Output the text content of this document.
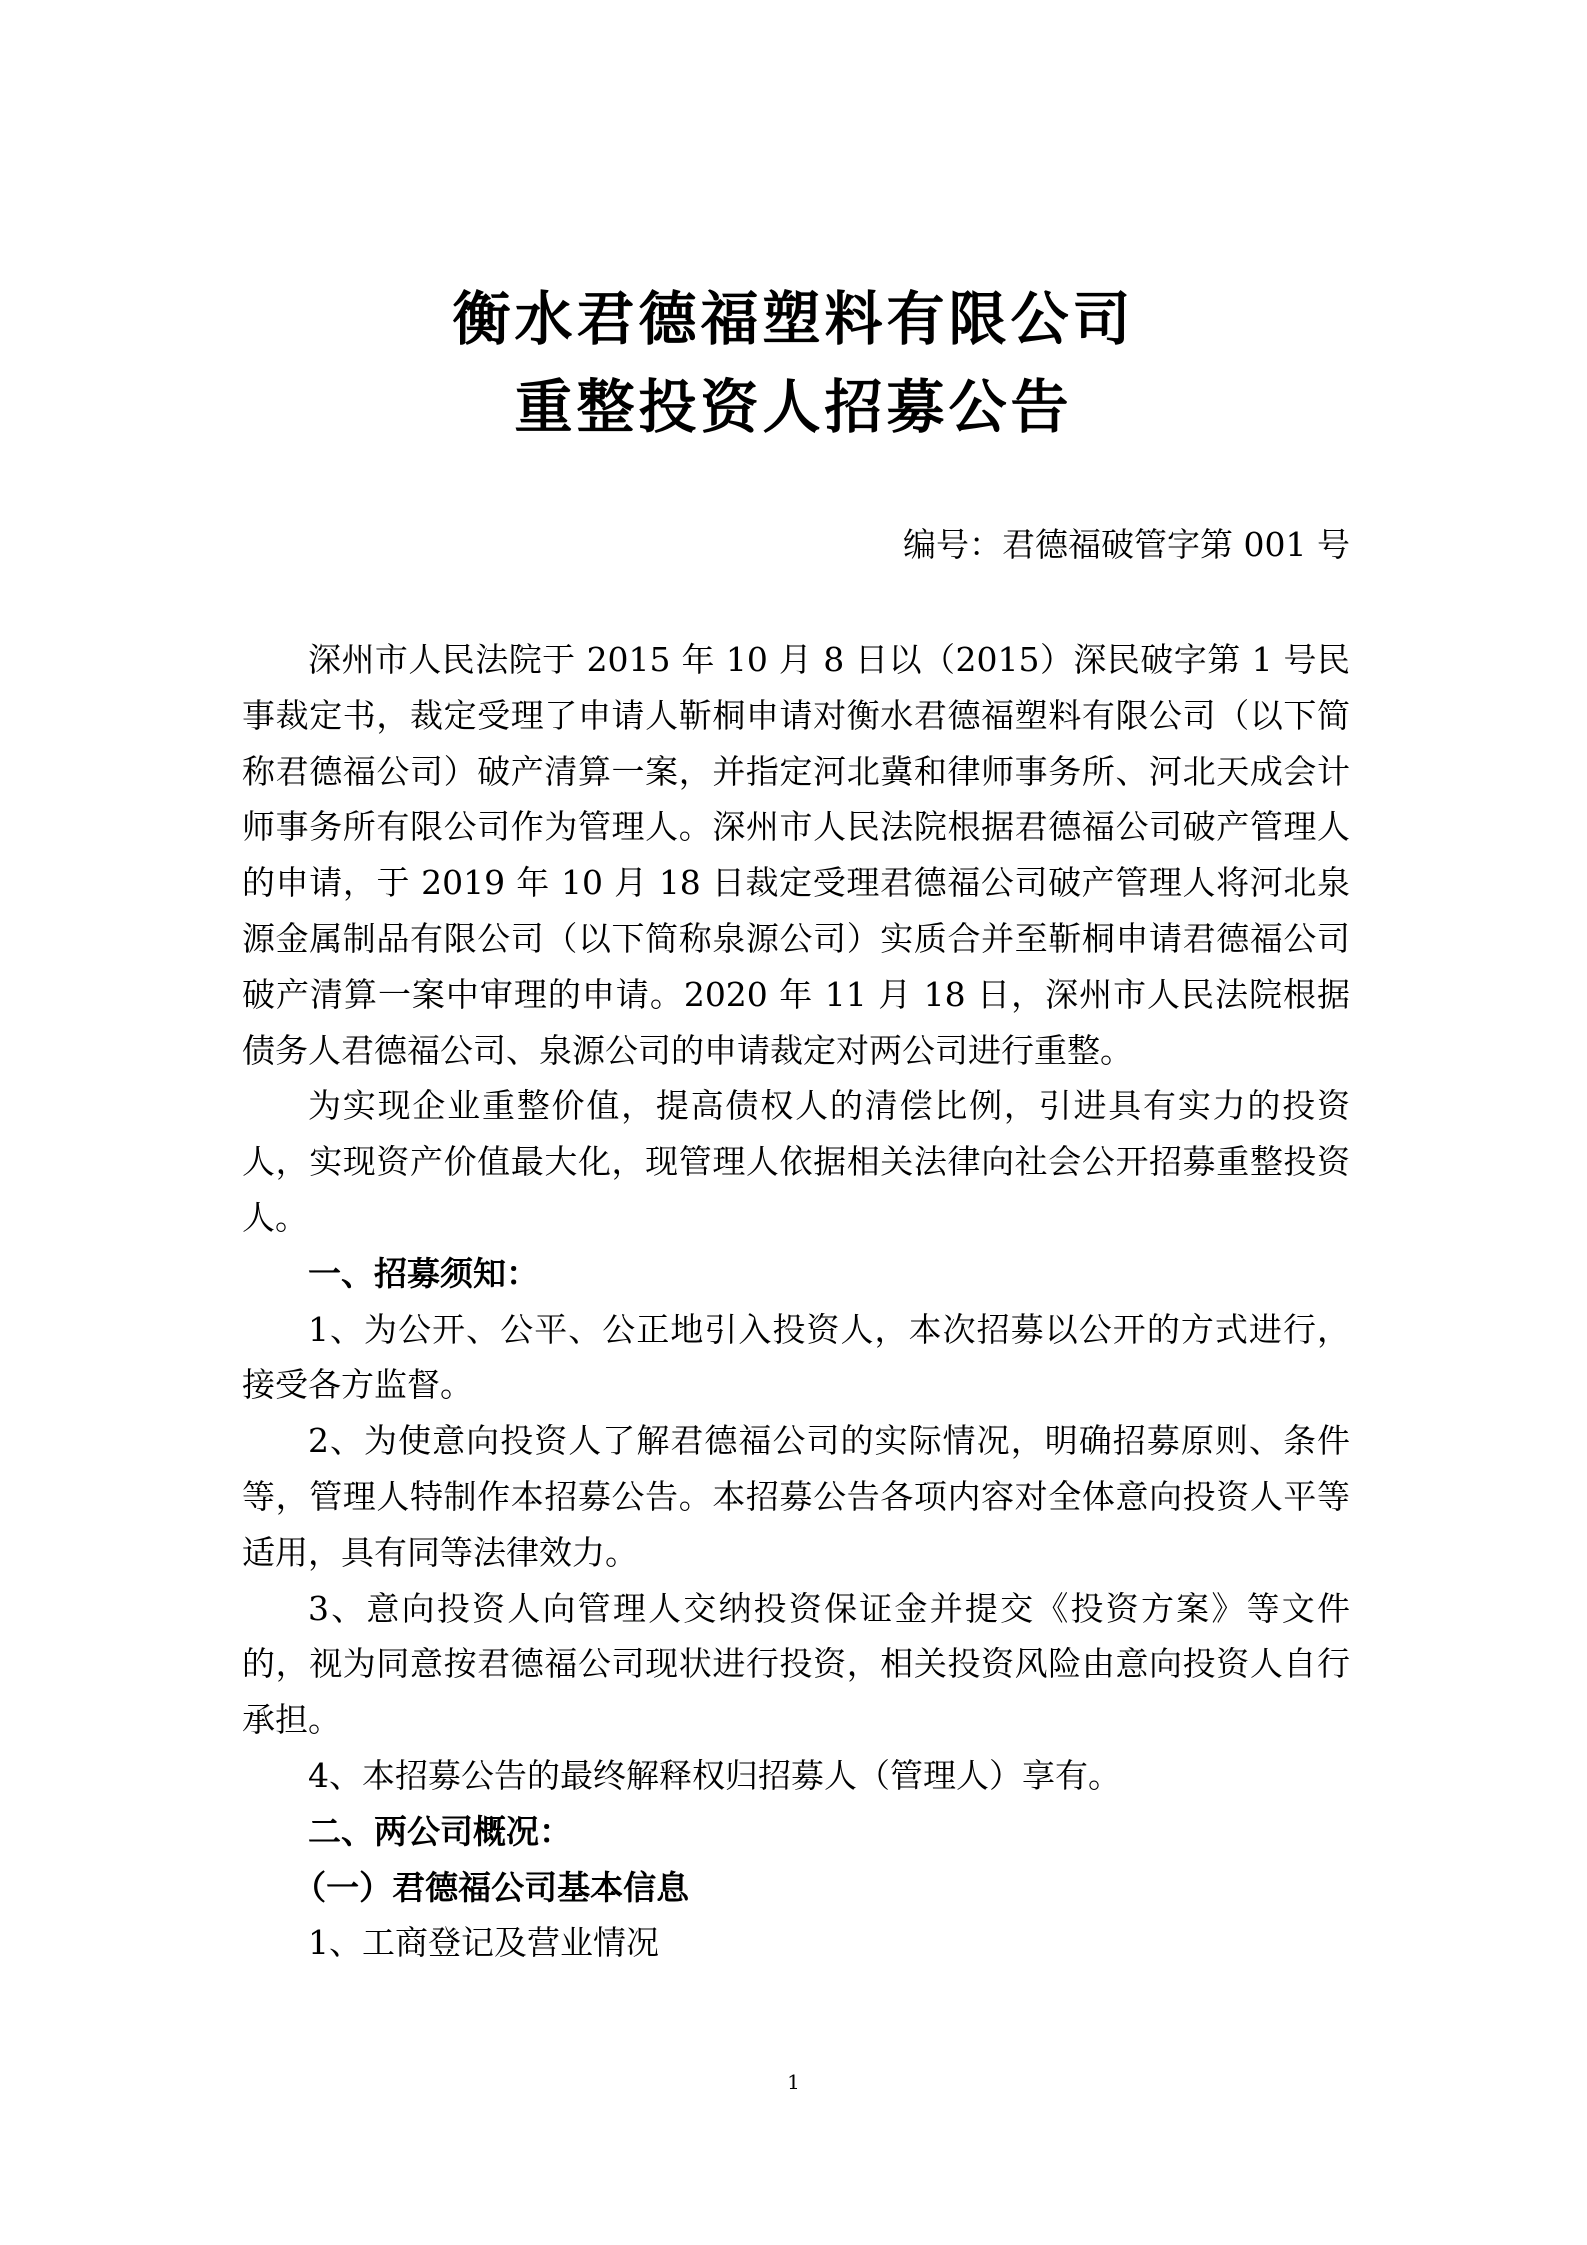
衡水君德福塑料有限公司
重整投资人招募公告
编号：君德福破管字第 001 号

深州市人民法院于 2015 年 10 月 8 日以（2015）深民破字第 1 号民事裁定书，裁定受理了申请人靳桐申请对衡水君德福塑料有限公司（以下简称君德福公司）破产清算一案，并指定河北冀和律师事务所、河北天成会计师事务所有限公司作为管理人。深州市人民法院根据君德福公司破产管理人的申请，于 2019 年 10 月 18 日裁定受理君德福公司破产管理人将河北泉源金属制品有限公司（以下简称泉源公司）实质合并至靳桐申请君德福公司破产清算一案中审理的申请。2020 年 11 月 18 日，深州市人民法院根据债务人君德福公司、泉源公司的申请裁定对两公司进行重整。

为实现企业重整价值，提高债权人的清偿比例，引进具有实力的投资人，实现资产价值最大化，现管理人依据相关法律向社会公开招募重整投资人。

一、招募须知：

1、为公开、公平、公正地引入投资人，本次招募以公开的方式进行，接受各方监督。

2、为使意向投资人了解君德福公司的实际情况，明确招募原则、条件等，管理人特制作本招募公告。本招募公告各项内容对全体意向投资人平等适用，具有同等法律效力。

3、意向投资人向管理人交纳投资保证金并提交《投资方案》等文件的，视为同意按君德福公司现状进行投资，相关投资风险由意向投资人自行承担。

4、本招募公告的最终解释权归招募人（管理人）享有。

二、两公司概况：

（一）君德福公司基本信息

1、工商登记及营业情况

1
